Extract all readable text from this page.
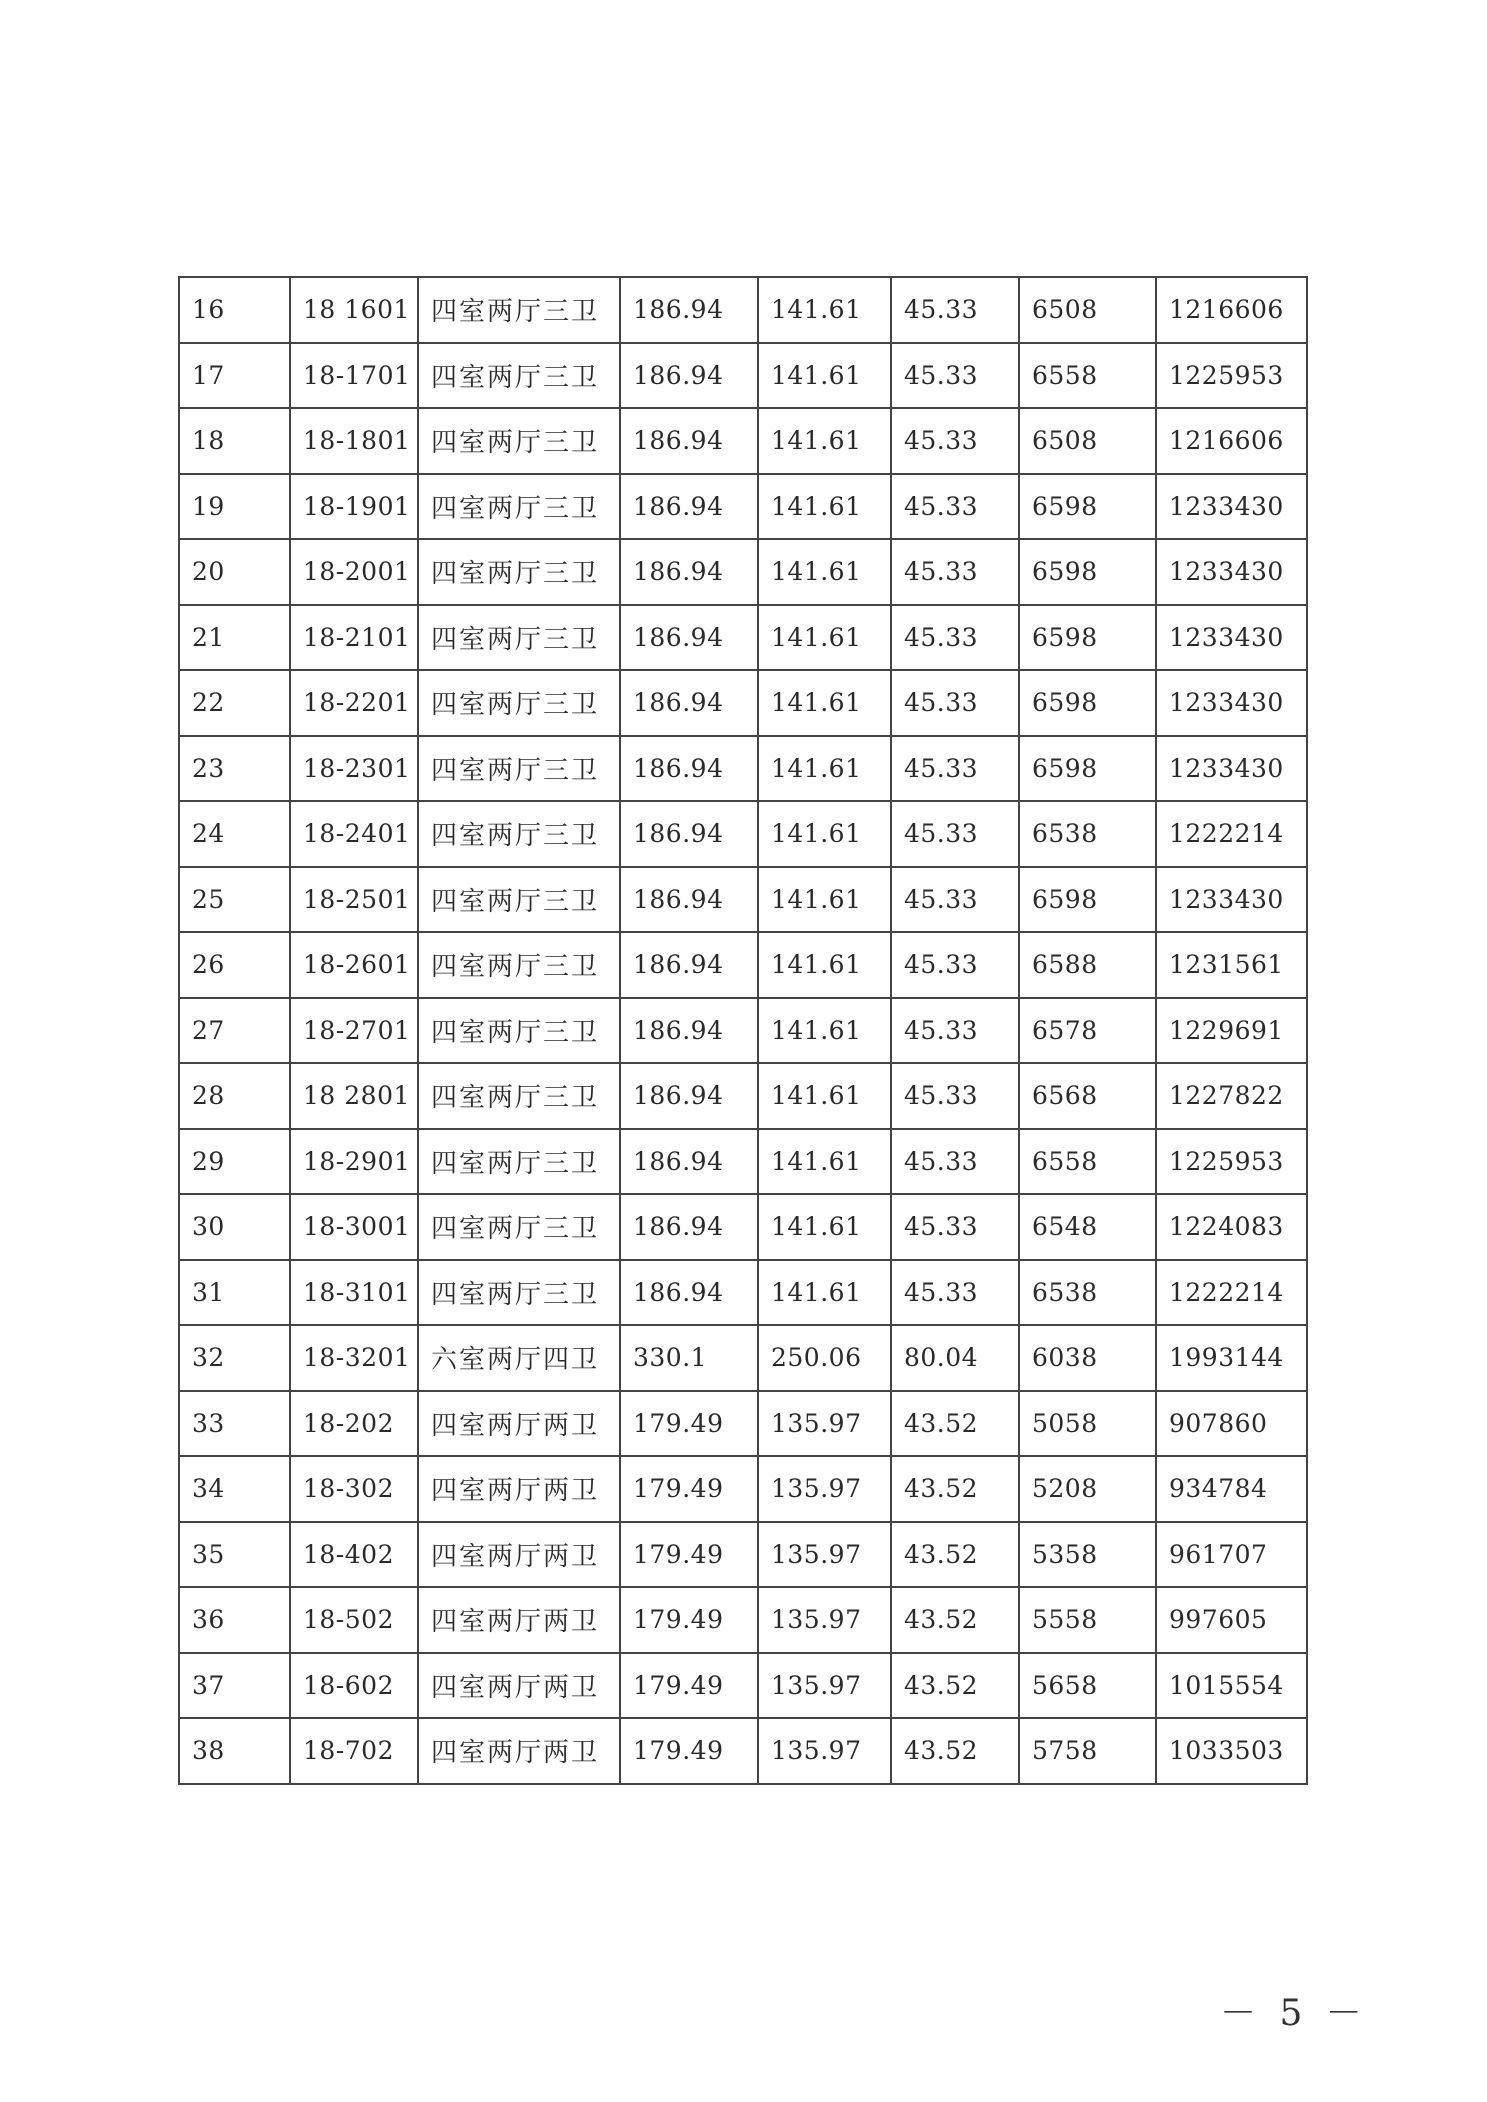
16	18 1601	四室两厅三卫	186.94	141.61	45.33	6508	1216606
17	18-1701	四室两厅三卫	186.94	141.61	45.33	6558	1225953
18	18-1801	四室两厅三卫	186.94	141.61	45.33	6508	1216606
19	18-1901	四室两厅三卫	186.94	141.61	45.33	6598	1233430
20	18-2001	四室两厅三卫	186.94	141.61	45.33	6598	1233430
21	18-2101	四室两厅三卫	186.94	141.61	45.33	6598	1233430
22	18-2201	四室两厅三卫	186.94	141.61	45.33	6598	1233430
23	18-2301	四室两厅三卫	186.94	141.61	45.33	6598	1233430
24	18-2401	四室两厅三卫	186.94	141.61	45.33	6538	1222214
25	18-2501	四室两厅三卫	186.94	141.61	45.33	6598	1233430
26	18-2601	四室两厅三卫	186.94	141.61	45.33	6588	1231561
27	18-2701	四室两厅三卫	186.94	141.61	45.33	6578	1229691
28	18 2801	四室两厅三卫	186.94	141.61	45.33	6568	1227822
29	18-2901	四室两厅三卫	186.94	141.61	45.33	6558	1225953
30	18-3001	四室两厅三卫	186.94	141.61	45.33	6548	1224083
31	18-3101	四室两厅三卫	186.94	141.61	45.33	6538	1222214
32	18-3201	六室两厅四卫	330.1	250.06	80.04	6038	1993144
33	18-202	四室两厅两卫	179.49	135.97	43.52	5058	907860
34	18-302	四室两厅两卫	179.49	135.97	43.52	5208	934784
35	18-402	四室两厅两卫	179.49	135.97	43.52	5358	961707
36	18-502	四室两厅两卫	179.49	135.97	43.52	5558	997605
37	18-602	四室两厅两卫	179.49	135.97	43.52	5658	1015554
38	18-702	四室两厅两卫	179.49	135.97	43.52	5758	1033503
－ 5 －
